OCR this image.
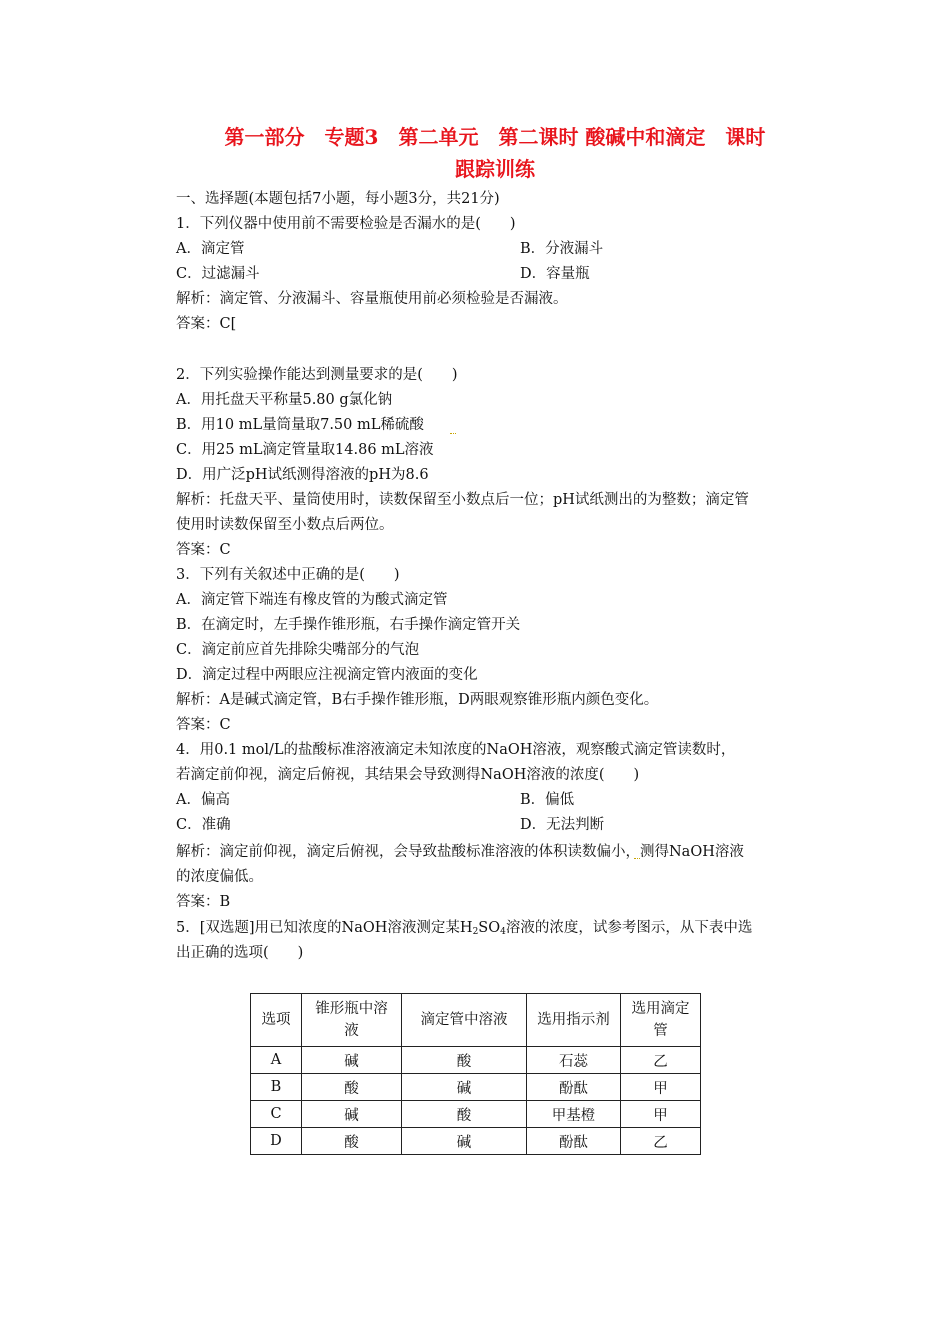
第一部分　专题3　第二单元　第二课时 酸碱中和滴定　课时
跟踪训练
一、选择题(本题包括7小题，每小题3分，共21分)
1．下列仪器中使用前不需要检验是否漏水的是(　　)
A．滴定管	B．分液漏斗
C．过滤漏斗	D．容量瓶
解析：滴定管、分液漏斗、容量瓶使用前必须检验是否漏液。
答案：C[
2．下列实验操作能达到测量要求的是(　　)
A．用托盘天平称量5.80 g氯化钠
B．用10 mL量筒量取7.50 mL稀硫酸
C．用25 mL滴定管量取14.86 mL溶液
D．用广泛pH试纸测得溶液的pH为8.6
解析：托盘天平、量筒使用时，读数保留至小数点后一位；pH试纸测出的为整数；滴定管
使用时读数保留至小数点后两位。
答案：C
3．下列有关叙述中正确的是(　　)
A．滴定管下端连有橡皮管的为酸式滴定管
B．在滴定时，左手操作锥形瓶，右手操作滴定管开关
C．滴定前应首先排除尖嘴部分的气泡
D．滴定过程中两眼应注视滴定管内液面的变化
解析：A是碱式滴定管，B右手操作锥形瓶，D两眼观察锥形瓶内颜色变化。
答案：C
4．用0.1 mol/L的盐酸标准溶液滴定未知浓度的NaOH溶液，观察酸式滴定管读数时，
若滴定前仰视，滴定后俯视，其结果会导致测得NaOH溶液的浓度(　　)
A．偏高	B．偏低
C．准确	D．无法判断
解析：滴定前仰视，滴定后俯视，会导致盐酸标准溶液的体积读数偏小，测得NaOH溶液
的浓度偏低。
答案：B
5．[双选题]用已知浓度的NaOH溶液测定某$H_2SO_4$溶液的浓度，试参考图示，从下表中选
出正确的选项(　　)
选项	锥形瓶中溶液	滴定管中溶液	选用指示剂	选用滴定管
A	碱	酸	石蕊	乙
B	酸	碱	酚酞	甲
C	碱	酸	甲基橙	甲
D	酸	碱	酚酞	乙
